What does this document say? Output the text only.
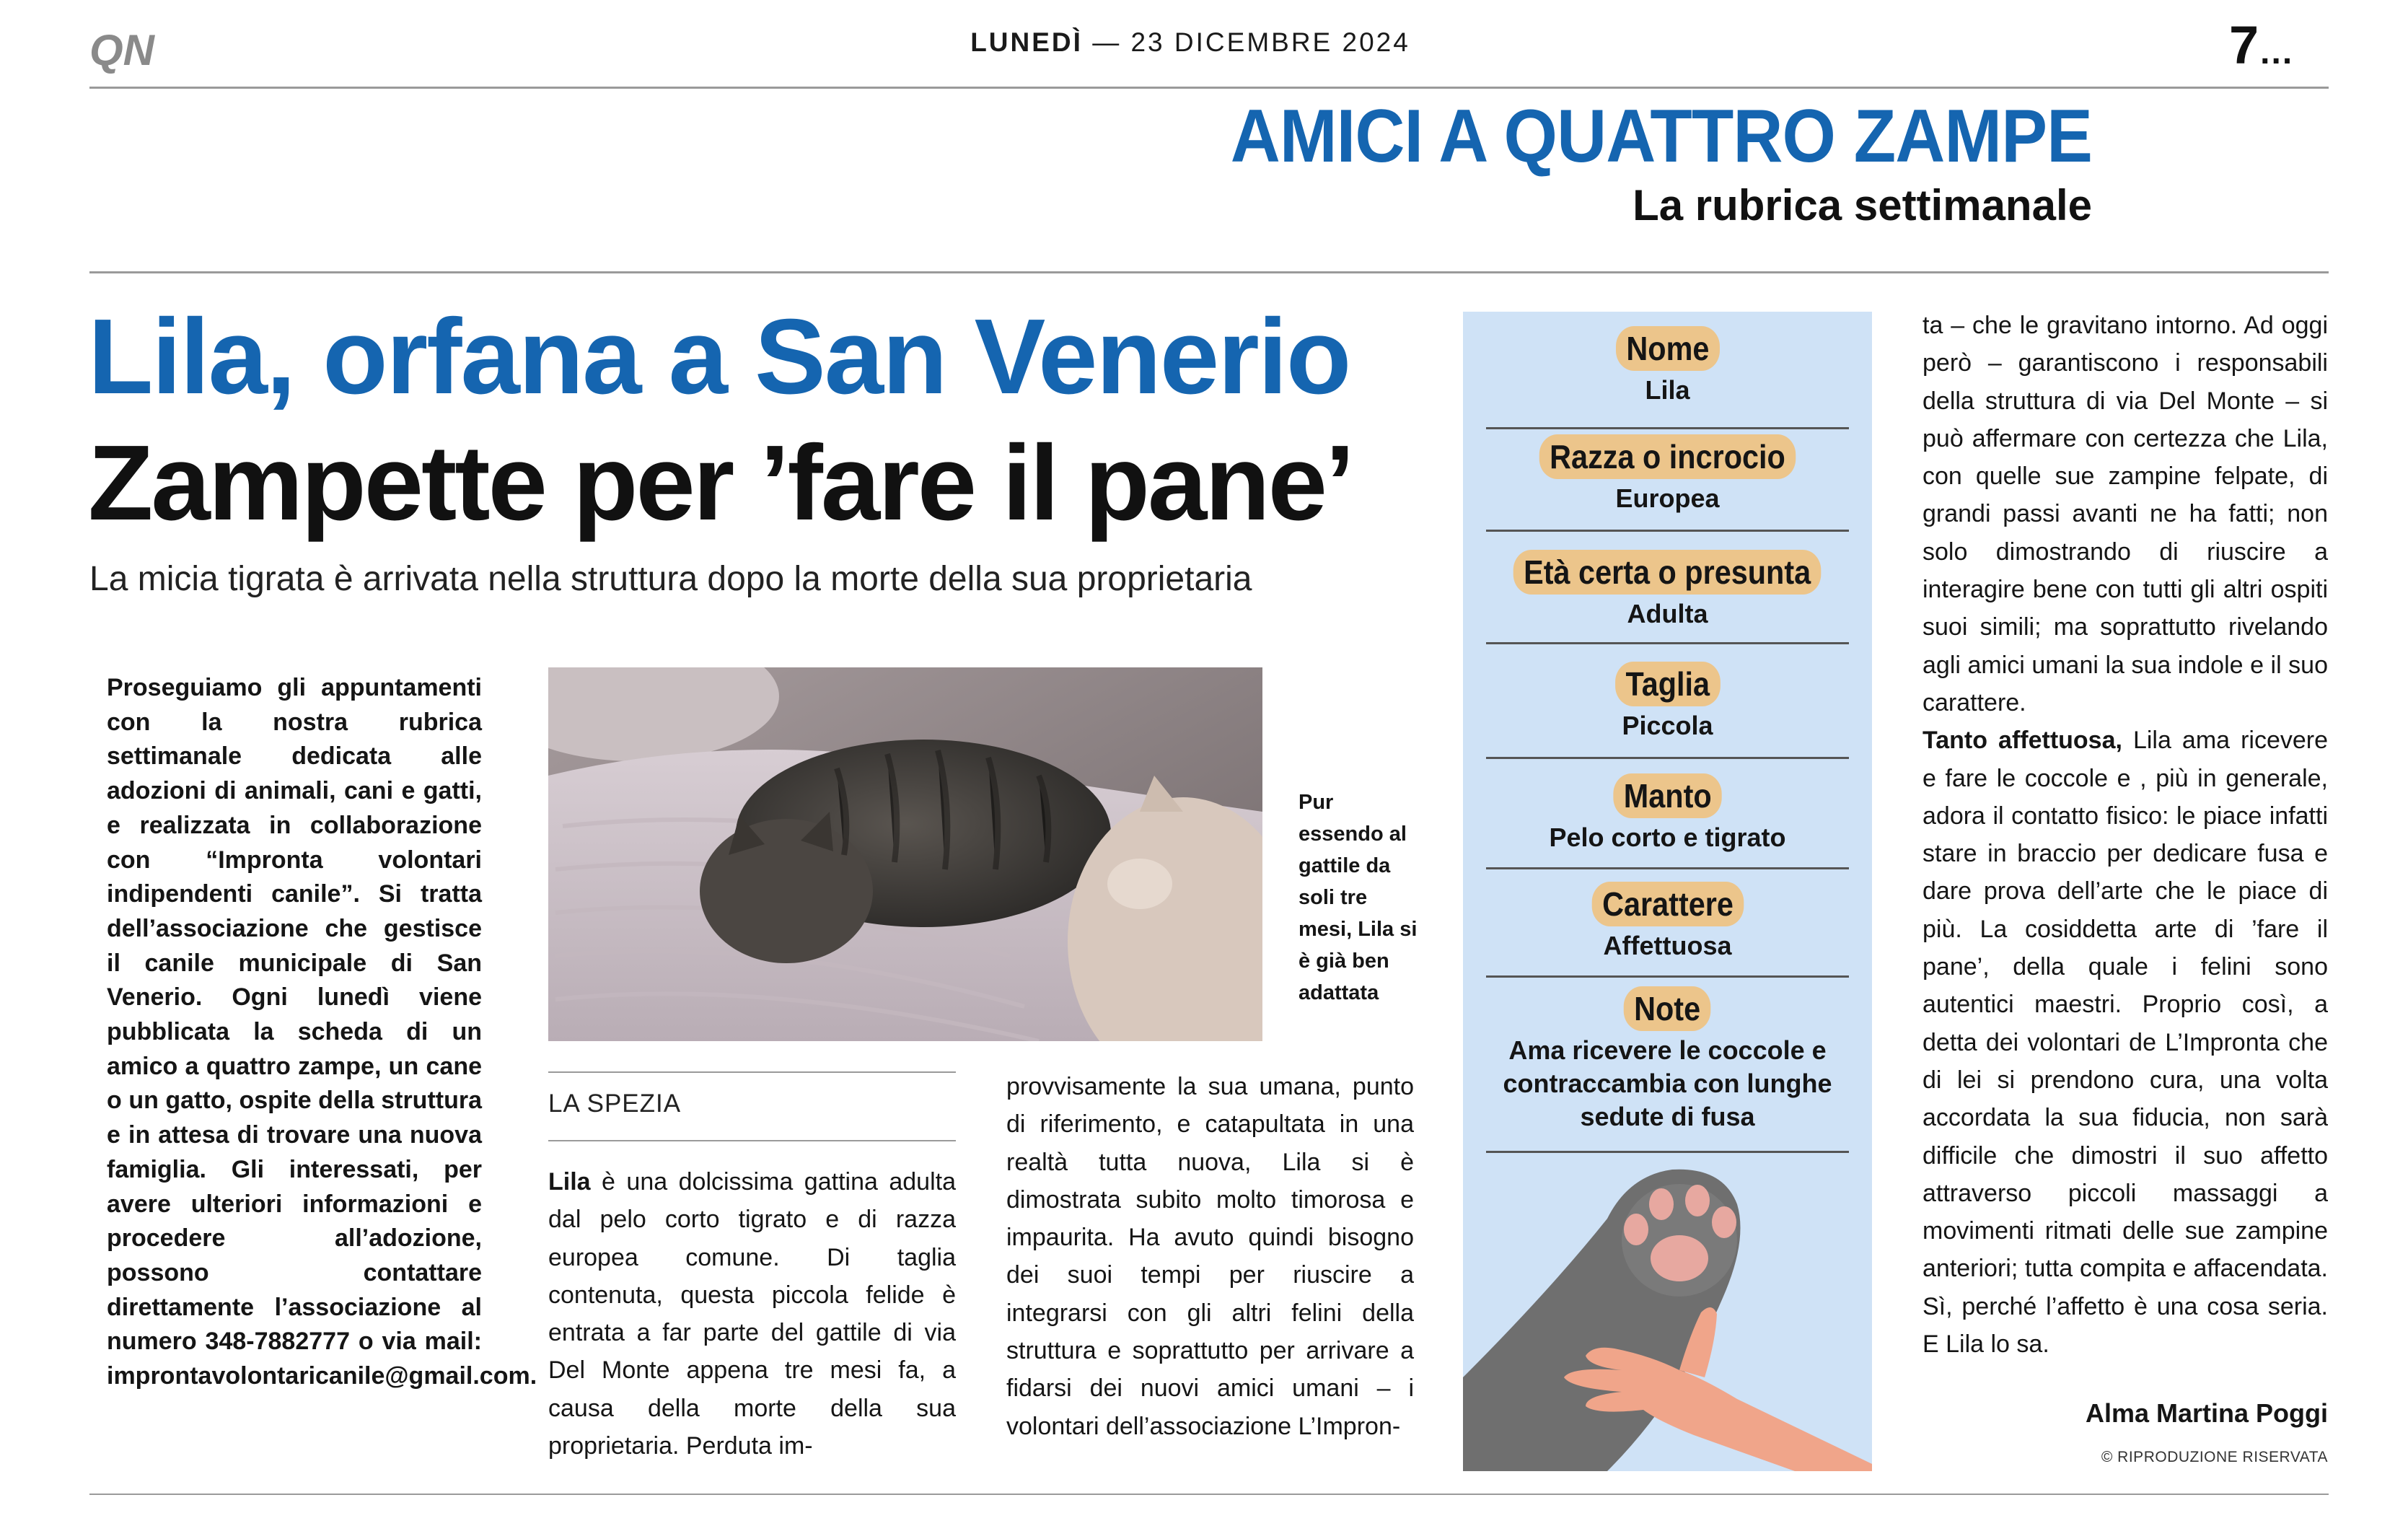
QN	LUNEDÌ — 23 DICEMBRE 2024	7...
AMICI A QUATTRO ZAMPE
La rubrica settimanale
Lila, orfana a San Venerio
Zampette per ’fare il pane’
La micia tigrata è arrivata nella struttura dopo la morte della sua proprietaria
Proseguiamo gli appuntamenti con la nostra rubrica settimanale dedicata alle adozioni di animali, cani e gatti, e realizzata in collaborazione con “Impronta volontari indipendenti canile”. Si tratta dell’associazione che gestisce il canile municipale di San Venerio. Ogni lunedì viene pubblicata la scheda di un amico a quattro zampe, un cane o un gatto, ospite della struttura e in attesa di trovare una nuova famiglia. Gli interessati, per avere ulteriori informazioni e procedere all’adozione, possono contattare direttamente l’associazione al numero 348-7882777 o via mail: improntavolontaricanile@gmail.com.
Pur essendo al gattile da soli tre mesi, Lila si è già ben adattata
LA SPEZIA
Lila è una dolcissima gattina adulta dal pelo corto tigrato e di razza europea comune. Di taglia contenuta, questa piccola felide è entrata a far parte del gattile di via Del Monte appena tre mesi fa, a causa della morte della sua proprietaria. Perduta im-
provvisamente la sua umana, punto di riferimento, e catapultata in una realtà tutta nuova, Lila si è dimostrata subito molto timorosa e impaurita. Ha avuto quindi bisogno dei suoi tempi per riuscire a integrarsi con gli altri felini della struttura e soprattutto per arrivare a fidarsi dei nuovi amici umani – i volontari dell’associazione L’Impron-
ta – che le gravitano intorno. Ad oggi però – garantiscono i responsabili della struttura di via Del Monte – si può affermare con certezza che Lila, con quelle sue zampine felpate, di grandi passi avanti ne ha fatti; non solo dimostrando di riuscire a interagire bene con tutti gli altri ospiti suoi simili; ma soprattutto rivelando agli amici umani la sua indole e il suo carattere.
Tanto affettuosa, Lila ama ricevere e fare le coccole e , più in generale, adora il contatto fisico: le piace infatti stare in braccio per dedicare fusa e dare prova dell’arte che le piace di più. La cosiddetta arte di ’fare il pane’, della quale i felini sono autentici maestri. Proprio così, a detta dei volontari de L’Impronta che di lei si prendono cura, una volta accordata la sua fiducia, non sarà difficile che dimostri il suo affetto attraverso piccoli massaggi a movimenti ritmati delle sue zampine anteriori; tutta compita e affacendata. Sì, perché l’affetto è una cosa seria. E Lila lo sa.
Alma Martina Poggi
© RIPRODUZIONE RISERVATA
Nome
Lila
Razza o incrocio
Europea
Età certa o presunta
Adulta
Taglia
Piccola
Manto
Pelo corto e tigrato
Carattere
Affettuosa
Note
Ama ricevere le coccole e contraccambia con lunghe sedute di fusa
